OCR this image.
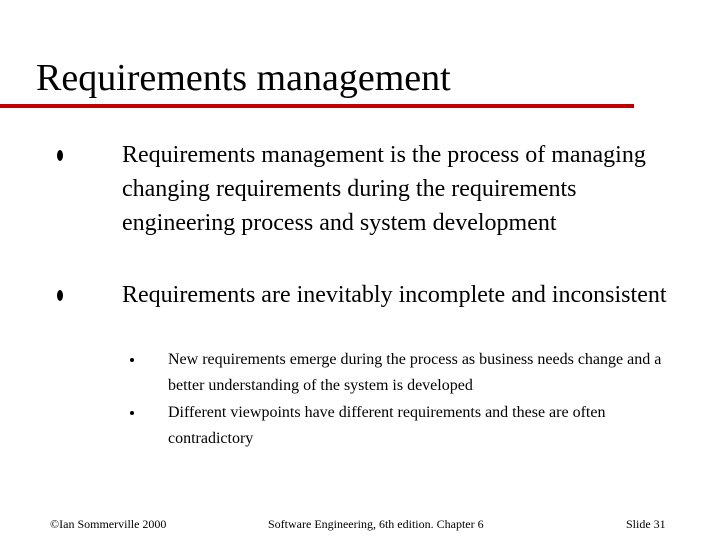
Requirements management
Requirements management is the process of managing changing requirements during the requirements engineering process and system development
Requirements are inevitably incomplete and inconsistent
New requirements emerge during the process as business needs change and a better understanding of the system is developed
Different viewpoints have different requirements and these are often contradictory
©Ian Sommerville 2000	Software Engineering, 6th edition. Chapter 6	Slide 31
